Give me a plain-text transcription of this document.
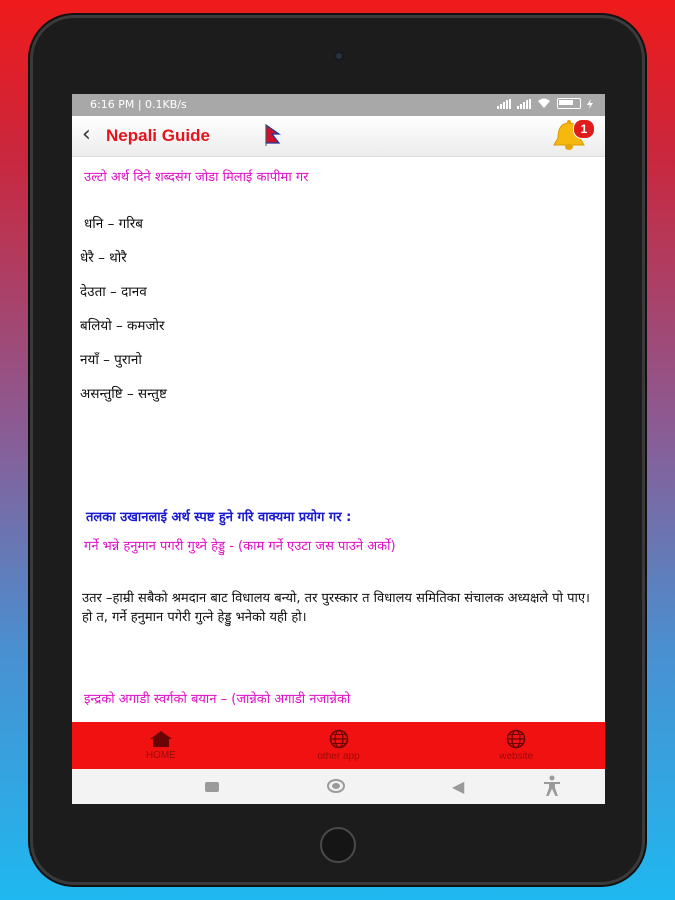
6:16 PM | 0.1KB/s
‹ Nepali Guide	1
उल्टो अर्थ दिने शब्दसंग जोडा मिलाई कापीमा गर
धनि – गरिब
धेरै – थोरै
देउता – दानव
बलियो – कमजोर
नयाँ – पुरानो
असन्तुष्टि – सन्तुष्ट
तलका उखानलाई अर्थ स्पष्ट हुने गरि वाक्यमा प्रयोग गर :
गर्ने भन्ने हनुमान पगरी गुथ्ने हेड्डु - (काम गर्ने एउटा जस पाउने अर्को)
उतर –हाम्री सबैको श्रमदान बाट विधालय बन्यो, तर पुरस्कार त विधालय समितिका संचालक अध्यक्षले पो पाए। हो त, गर्ने हनुमान पगेरी गुत्ने हेड्डु भनेको यही हो।
इन्द्रको अगाडी स्वर्गको बयान – (जान्नेको अगाडी नजान्नेको
HOME	other app	website
◀
